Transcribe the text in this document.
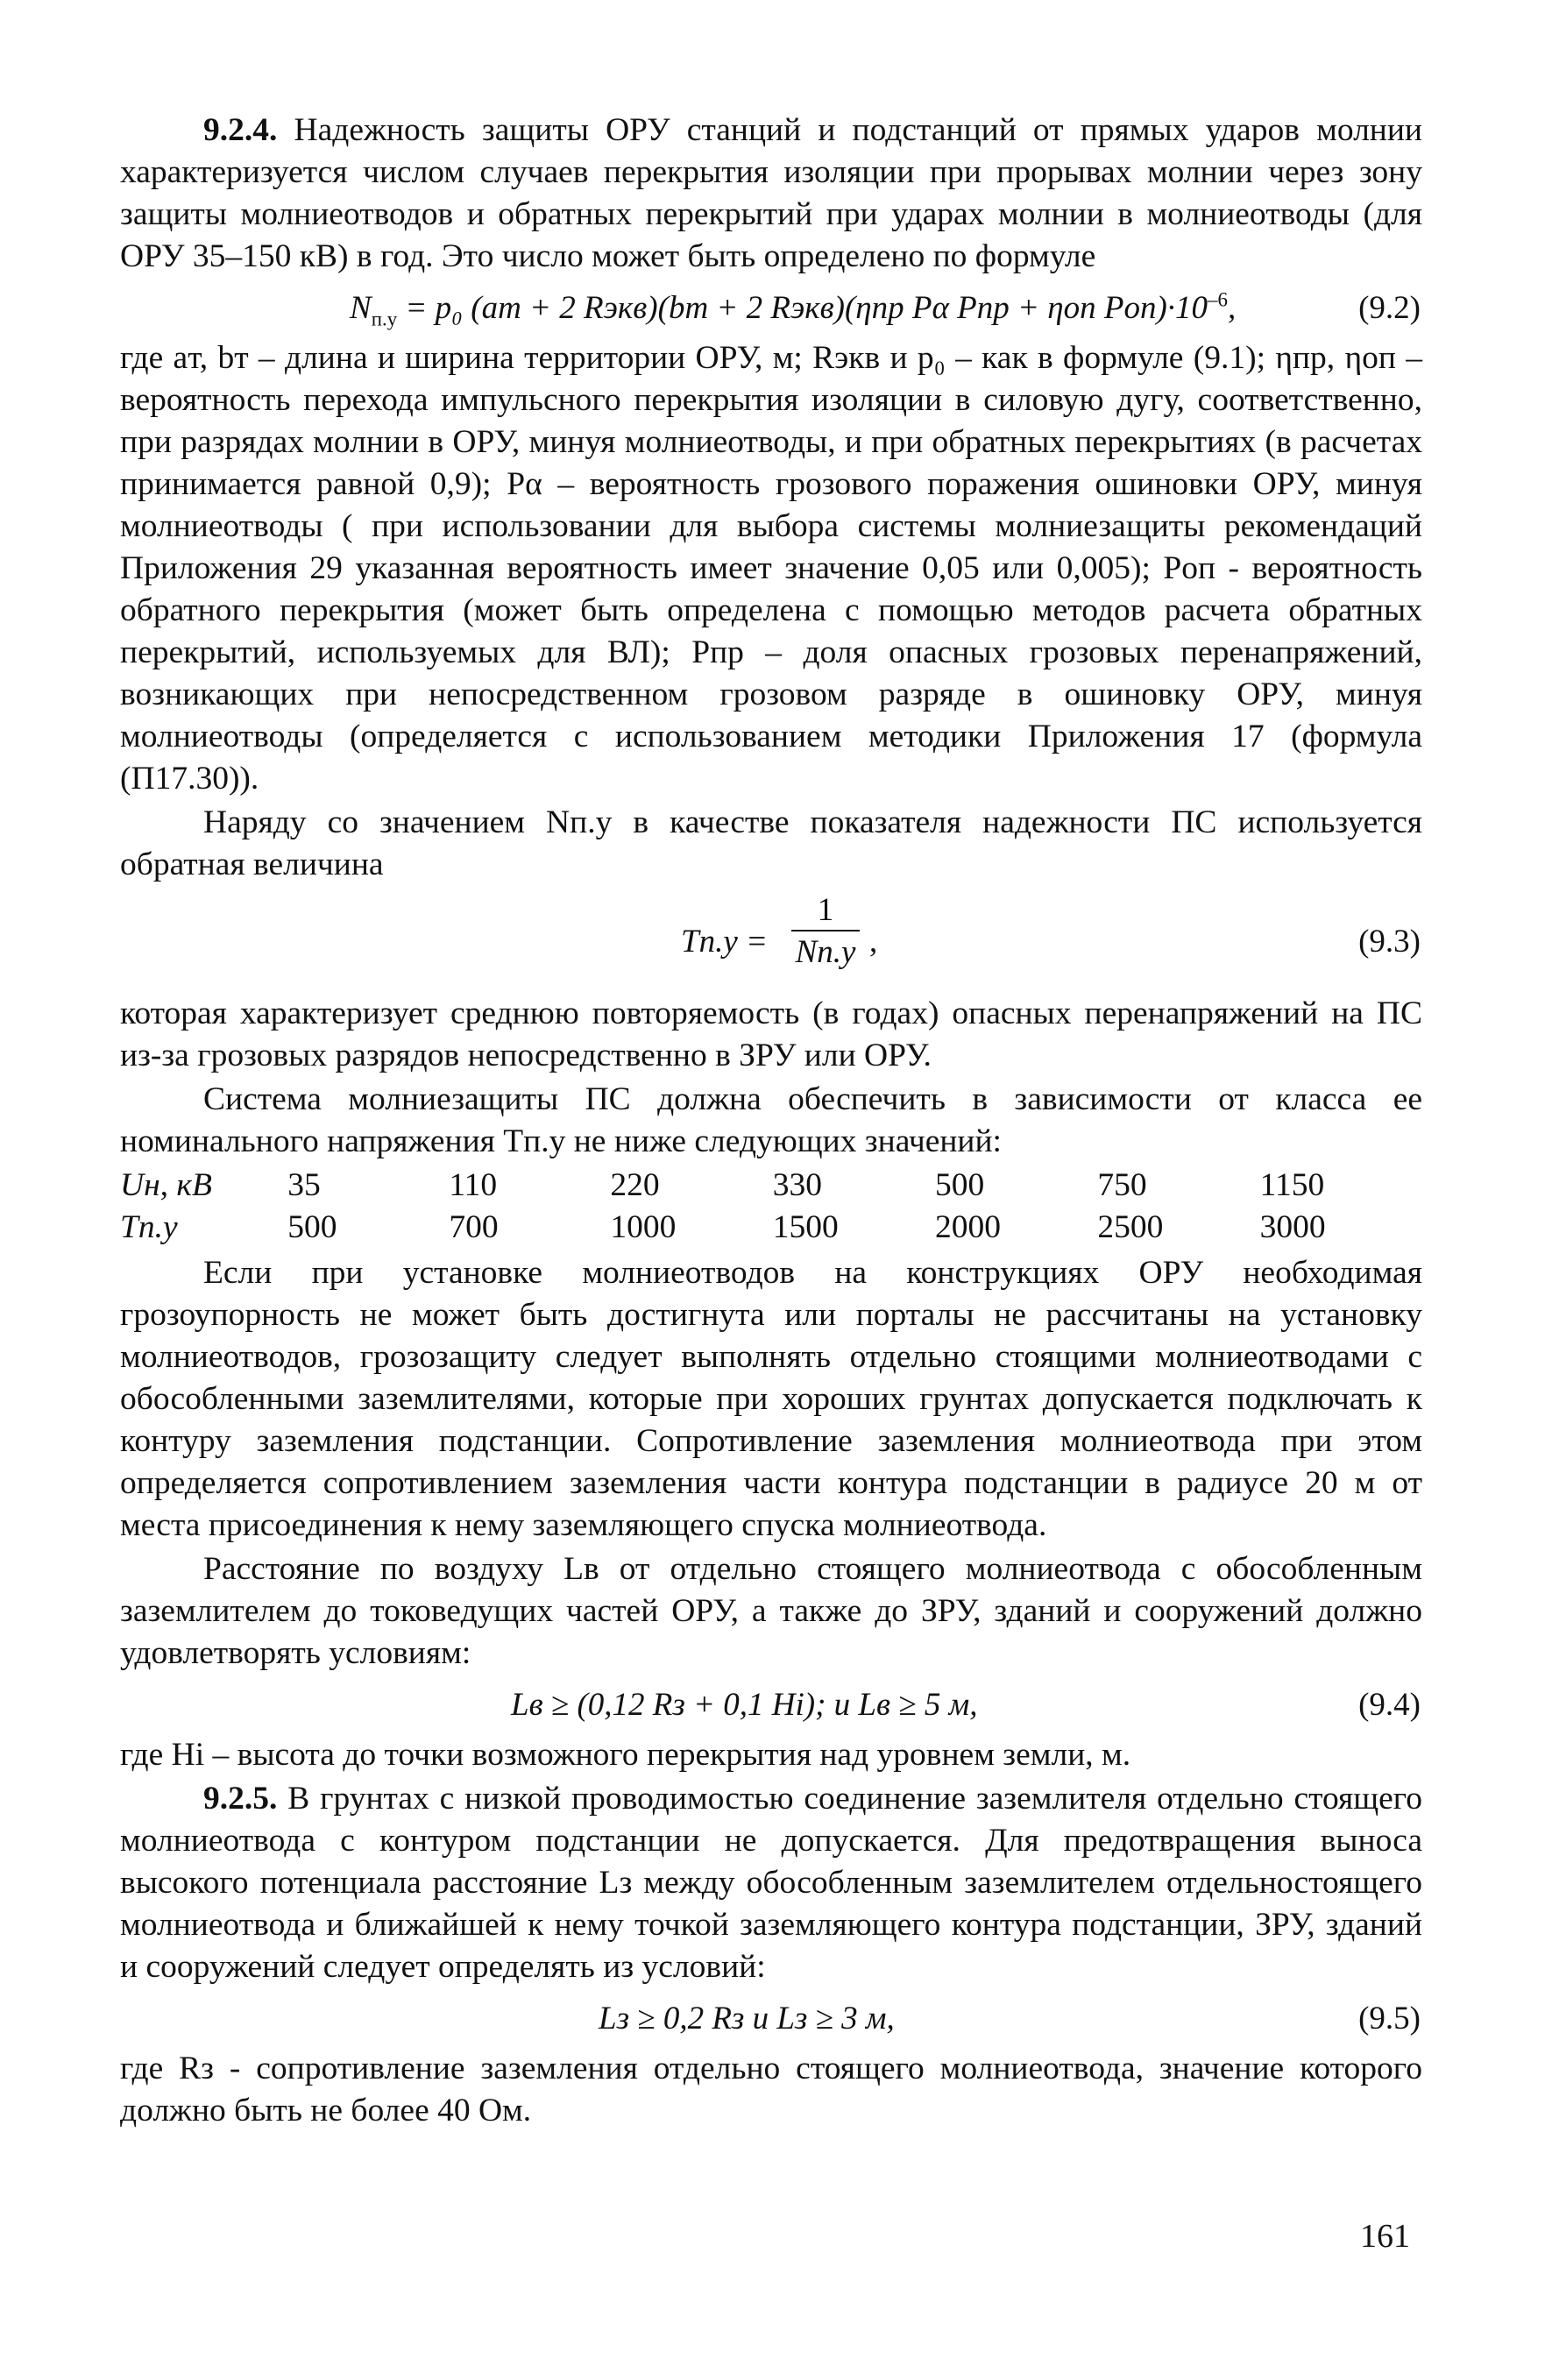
9.2.4. Надежность защиты ОРУ станций и подстанций от прямых ударов молнии характеризуется числом случаев перекрытия изоляции при прорывах молнии через зону защиты молниеотводов и обратных перекрытий при ударах молнии в молниеотводы (для ОРУ 35–150 кВ) в год. Это число может быть определено по формуле

$N_{п.у} = p_0$ (aт + 2 Rэкв)(bт + 2 Rэкв)(ηпр Pα Pпр + ηоп $Pоп)\cdot 10^{-6}$,	(9.2)

где aт, bт – длина и ширина территории ОРУ, м; Rэкв и p₀ – как в формуле (9.1); ηпр, ηоп – вероятность перехода импульсного перекрытия изоляции в силовую дугу, соответственно, при разрядах молнии в ОРУ, минуя молниеотводы, и при обратных перекрытиях (в расчетах принимается равной 0,9); Pα – вероятность грозового поражения ошиновки ОРУ, минуя молниеотводы ( при использовании для выбора системы молниезащиты рекомендаций Приложения 29 указанная вероятность имеет значение 0,05 или 0,005); Pоп - вероятность обратного перекрытия (может быть определена с помощью методов расчета обратных перекрытий, используемых для ВЛ); Pпр – доля опасных грозовых перенапряжений, возникающих при непосредственном грозовом разряде в ошиновку ОРУ, минуя молниеотводы (определяется с использованием методики Приложения 17 (формула (П17.30)).

Наряду со значением Nп.у в качестве показателя надежности ПС используется обратная величина

Tп.у =
1
Nп.у ,	(9.3)

которая характеризует среднюю повторяемость (в годах) опасных перенапряжений на ПС из-за грозовых разрядов непосредственно в ЗРУ или ОРУ.

Система молниезащиты ПС должна обеспечить в зависимости от класса ее номинального напряжения Tп.у не ниже следующих значений:

Uн, кВ	35	110	220	330	500	750	1150
Tп.у	500	700	1000	1500	2000	2500	3000

Если при установке молниеотводов на конструкциях ОРУ необходимая грозоупорность не может быть достигнута или порталы не рассчитаны на установку молниеотводов, грозозащиту следует выполнять отдельно стоящими молниеотводами с обособленными заземлителями, которые при хороших грунтах допускается подключать к контуру заземления подстанции. Сопротивление заземления молниеотвода при этом определяется сопротивлением заземления части контура подстанции в радиусе 20 м от места присоединения к нему заземляющего спуска молниеотвода.

Расстояние по воздуху Lв от отдельно стоящего молниеотвода с обособленным заземлителем до токоведущих частей ОРУ, а также до ЗРУ, зданий и сооружений должно удовлетворять условиям:

Lв ≥ (0,12 Rз + 0,1 Hi); и Lв ≥ 5 м,	(9.4)

где Hi – высота до точки возможного перекрытия над уровнем земли, м.

9.2.5. В грунтах с низкой проводимостью соединение заземлителя отдельно стоящего молниеотвода с контуром подстанции не допускается. Для предотвращения выноса высокого потенциала расстояние Lз между обособленным заземлителем отдельностоящего молниеотвода и ближайшей к нему точкой заземляющего контура подстанции, ЗРУ, зданий и сооружений следует определять из условий:

Lз ≥ 0,2 Rз и Lз ≥ 3 м,	(9.5)

где Rз - сопротивление заземления отдельно стоящего молниеотвода, значение которого должно быть не более 40 Ом.

161
